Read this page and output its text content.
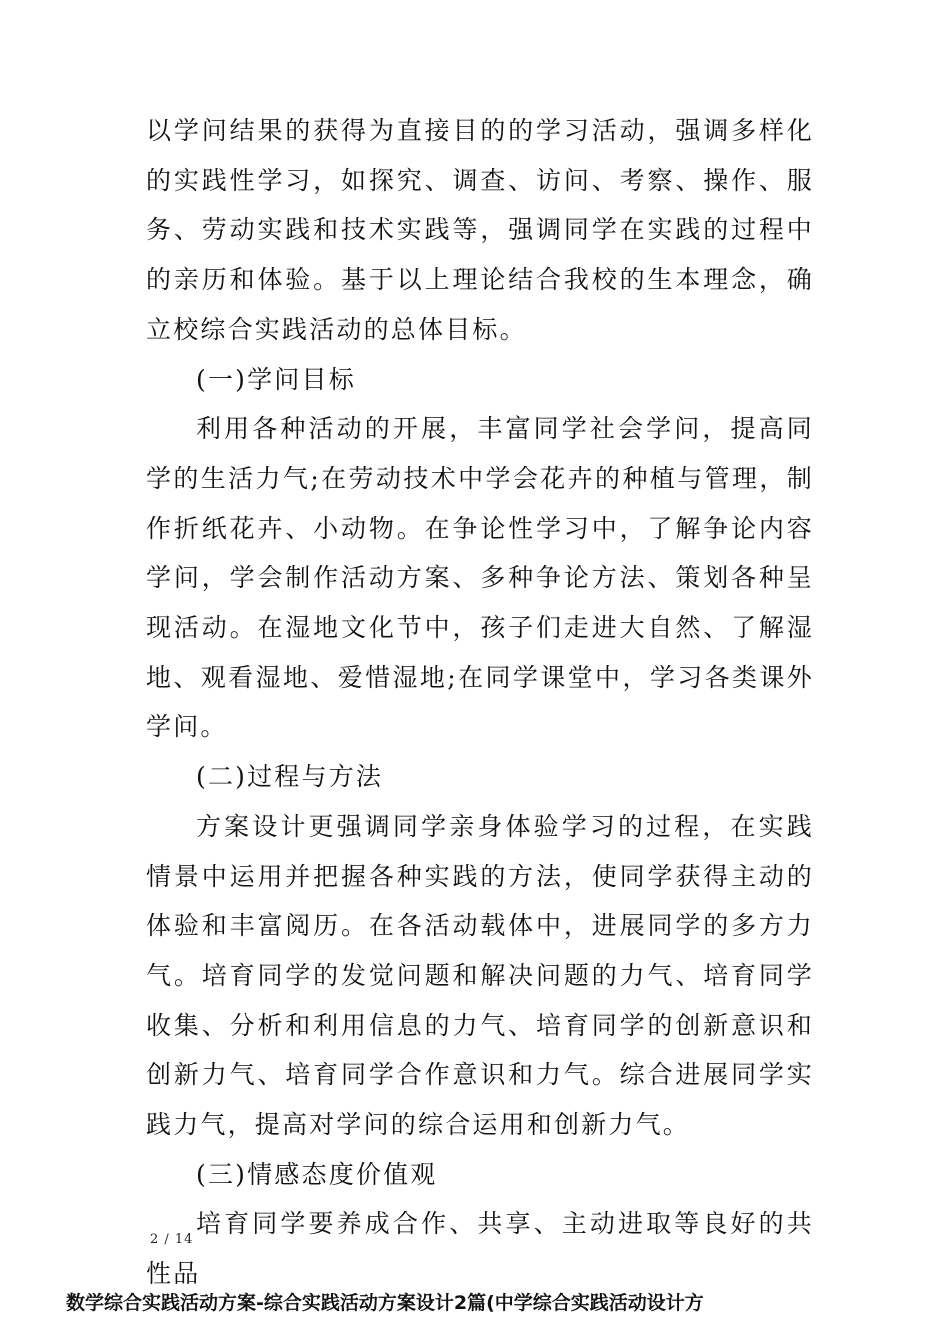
以学问结果的获得为直接目的的学习活动，强调多样化的实践性学习，如探究、调查、访问、考察、操作、服务、劳动实践和技术实践等，强调同学在实践的过程中的亲历和体验。基于以上理论结合我校的生本理念，确立校综合实践活动的总体目标。

(一)学问目标

利用各种活动的开展，丰富同学社会学问，提高同学的生活力气;在劳动技术中学会花卉的种植与管理，制作折纸花卉、小动物。在争论性学习中，了解争论内容学问，学会制作活动方案、多种争论方法、策划各种呈现活动。在湿地文化节中，孩子们走进大自然、了解湿地、观看湿地、爱惜湿地;在同学课堂中，学习各类课外学问。

(二)过程与方法

方案设计更强调同学亲身体验学习的过程，在实践情景中运用并把握各种实践的方法，使同学获得主动的体验和丰富阅历。在各活动载体中，进展同学的多方力气。培育同学的发觉问题和解决问题的力气、培育同学收集、分析和利用信息的力气、培育同学的创新意识和创新力气、培育同学合作意识和力气。综合进展同学实践力气，提高对学问的综合运用和创新力气。

(三)情感态度价值观

培育同学要养成合作、共享、主动进取等良好的共性品

2 / 14
数学综合实践活动方案-综合实践活动方案设计2篇(中学综合实践活动设计方
